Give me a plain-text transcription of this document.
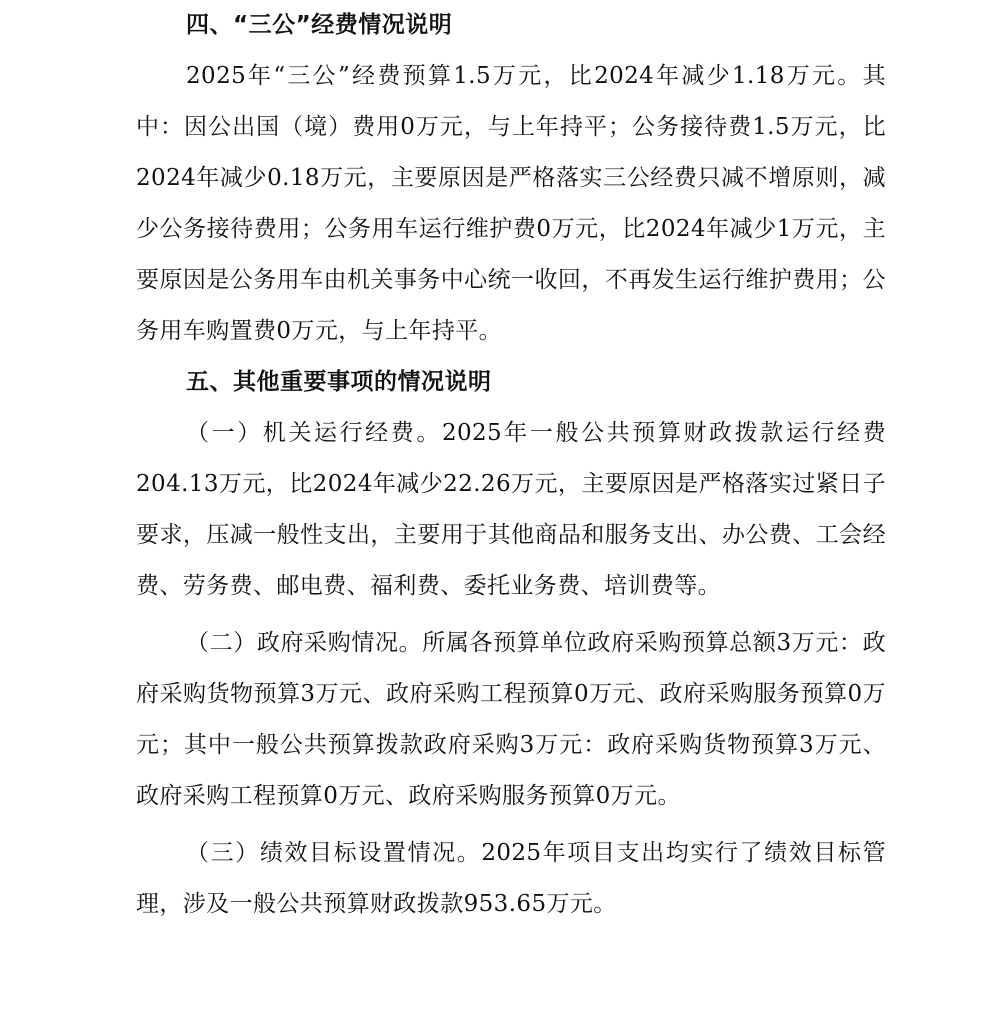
四、“三公”经费情况说明

2025年“三公”经费预算1.5万元，比2024年减少1.18万元。其中：因公出国（境）费用0万元，与上年持平；公务接待费1.5万元，比2024年减少0.18万元，主要原因是严格落实三公经费只减不增原则，减少公务接待费用；公务用车运行维护费0万元，比2024年减少1万元，主要原因是公务用车由机关事务中心统一收回，不再发生运行维护费用；公务用车购置费0万元，与上年持平。

五、其他重要事项的情况说明

（一）机关运行经费。2025年一般公共预算财政拨款运行经费204.13万元，比2024年减少22.26万元，主要原因是严格落实过紧日子要求，压减一般性支出，主要用于其他商品和服务支出、办公费、工会经费、劳务费、邮电费、福利费、委托业务费、培训费等。

（二）政府采购情况。所属各预算单位政府采购预算总额3万元：政府采购货物预算3万元、政府采购工程预算0万元、政府采购服务预算0万元；其中一般公共预算拨款政府采购3万元：政府采购货物预算3万元、政府采购工程预算0万元、政府采购服务预算0万元。

（三）绩效目标设置情况。2025年项目支出均实行了绩效目标管理，涉及一般公共预算财政拨款953.65万元。
